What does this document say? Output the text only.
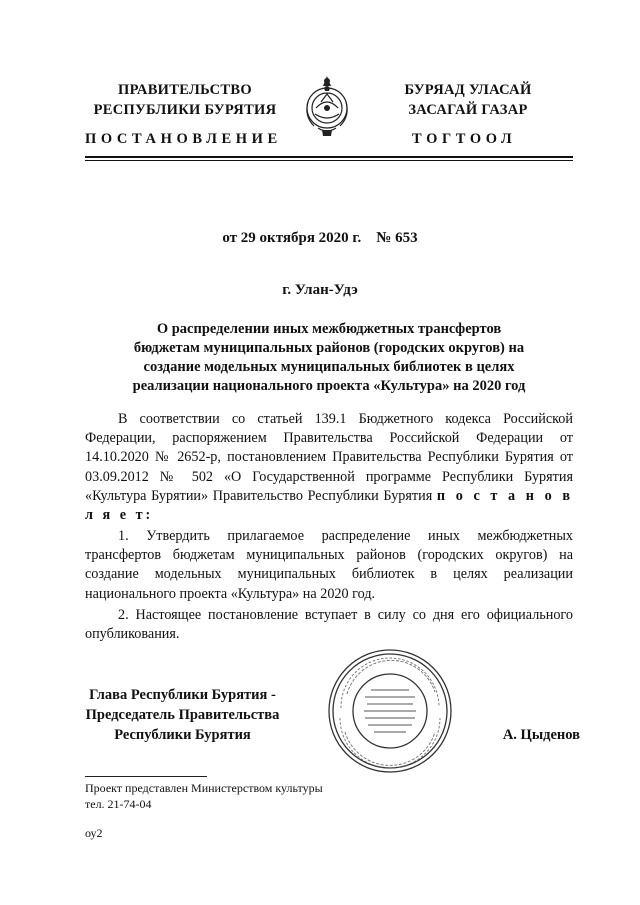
ПРАВИТЕЛЬСТВО
РЕСПУБЛИКИ БУРЯТИЯ
БУРЯАД УЛАСАЙ
ЗАСАГАЙ ГАЗАР
ПОСТАНОВЛЕНИЕ	ТОГТООЛ
от 29 октября 2020 г.    № 653
г. Улан-Удэ
О распределении иных межбюджетных трансфертов
бюджетам муниципальных районов (городских округов) на
создание модельных муниципальных библиотек в целях
реализации национального проекта «Культура» на 2020 год
В соответствии со статьей 139.1 Бюджетного кодекса Российской Федерации, распоряжением Правительства Российской Федерации от 14.10.2020 № 2652-р, постановлением Правительства Республики Бурятия от 03.09.2012 № 502 «О Государственной программе Республики Бурятия «Культура Бурятии» Правительство Республики Бурятия п о с т а н о в л я е т:
1. Утвердить прилагаемое распределение иных межбюджетных трансфертов бюджетам муниципальных районов (городских округов) на создание модельных муниципальных библиотек в целях реализации национального проекта «Культура» на 2020 год.
2. Настоящее постановление вступает в силу со дня его официального опубликования.
Глава Республики Бурятия -
Председатель Правительства
Республики Бурятия	А. Цыденов
Проект представлен Министерством культуры
тел. 21-74-04
оу2
